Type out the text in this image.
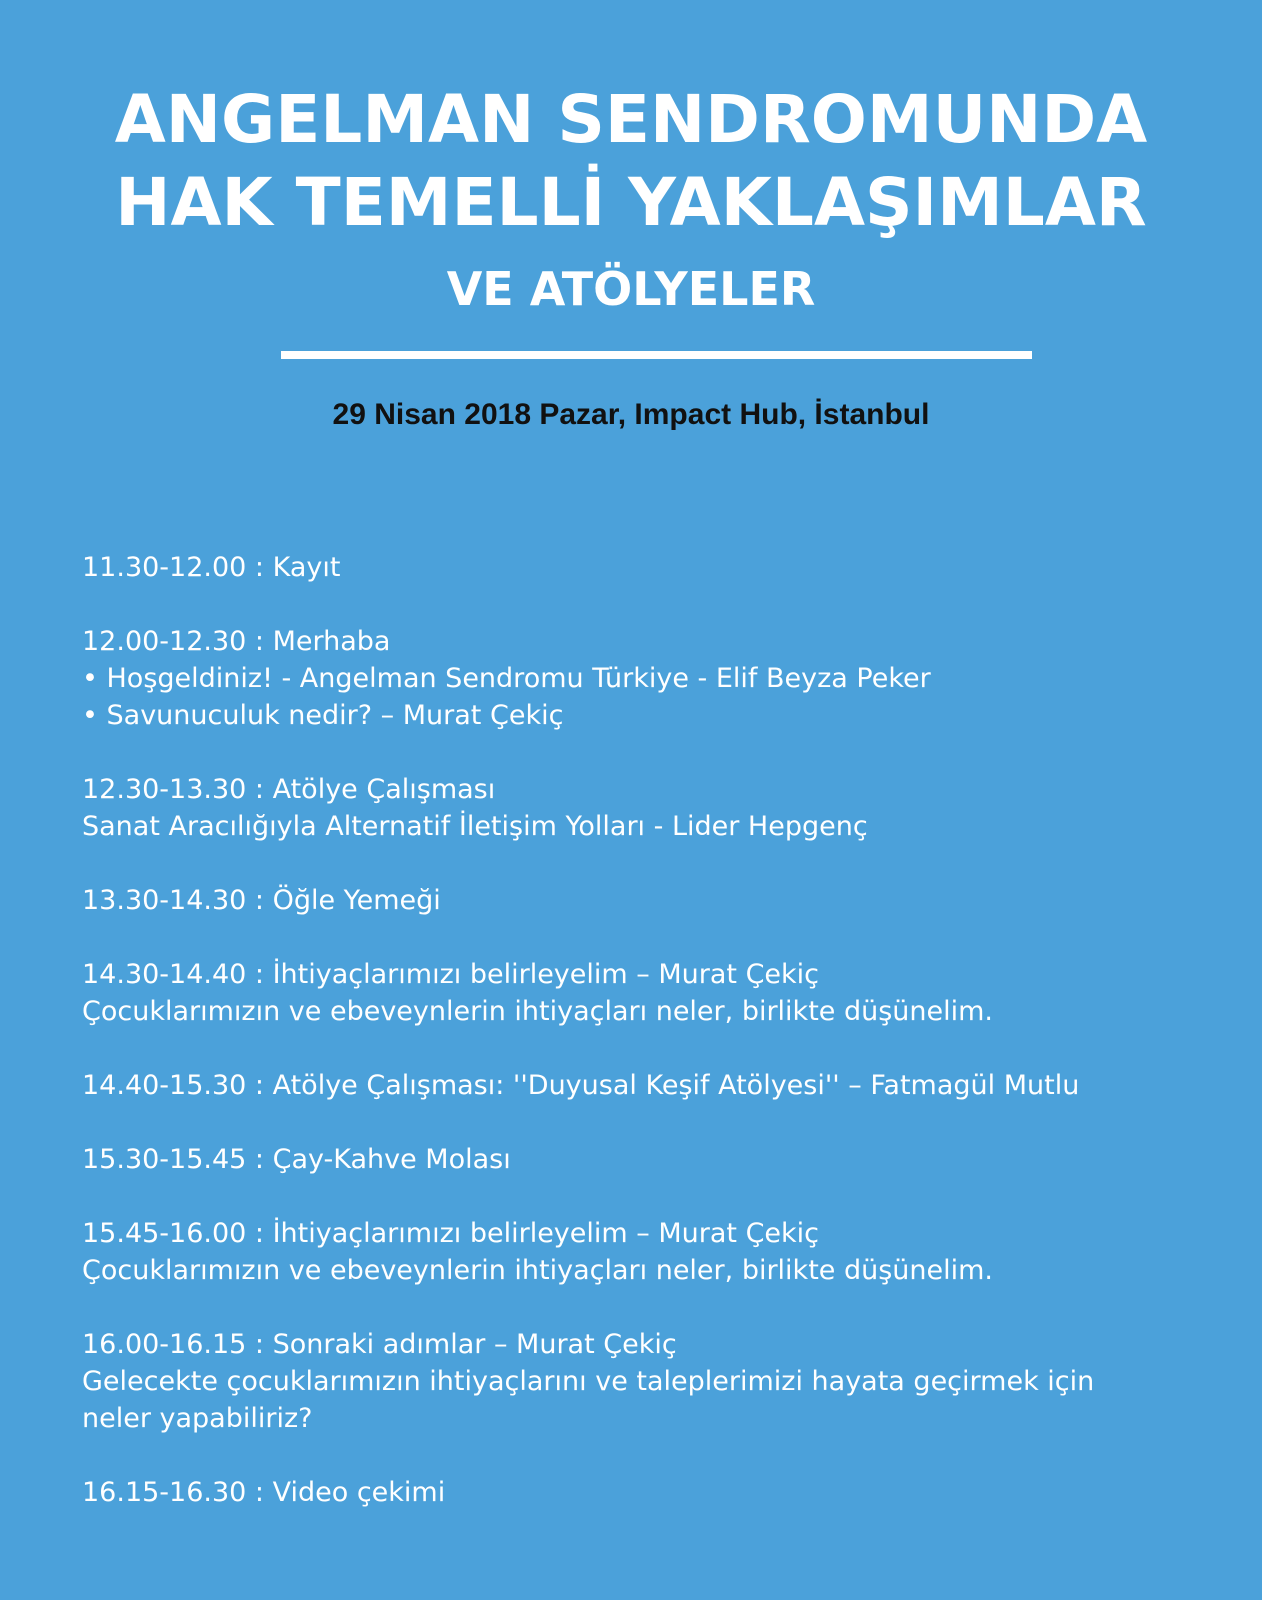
ANGELMAN SENDROMUNDA
HAK TEMELLİ YAKLAŞIMLAR
VE ATÖLYELER
29 Nisan 2018 Pazar, Impact Hub, İstanbul
11.30-12.00 : Kayıt
12.00-12.30 : Merhaba
• Hoşgeldiniz! - Angelman Sendromu Türkiye - Elif Beyza Peker
• Savunuculuk nedir? – Murat Çekiç
12.30-13.30 : Atölye Çalışması
Sanat Aracılığıyla Alternatif İletişim Yolları - Lider Hepgenç
13.30-14.30 : Öğle Yemeği
14.30-14.40 : İhtiyaçlarımızı belirleyelim – Murat Çekiç
Çocuklarımızın ve ebeveynlerin ihtiyaçları neler, birlikte düşünelim.
14.40-15.30 : Atölye Çalışması: ''Duyusal Keşif Atölyesi'' – Fatmagül Mutlu
15.30-15.45 : Çay-Kahve Molası
15.45-16.00 : İhtiyaçlarımızı belirleyelim – Murat Çekiç
Çocuklarımızın ve ebeveynlerin ihtiyaçları neler, birlikte düşünelim.
16.00-16.15 : Sonraki adımlar – Murat Çekiç
Gelecekte çocuklarımızın ihtiyaçlarını ve taleplerimizi hayata geçirmek için
neler yapabiliriz?
16.15-16.30 : Video çekimi
